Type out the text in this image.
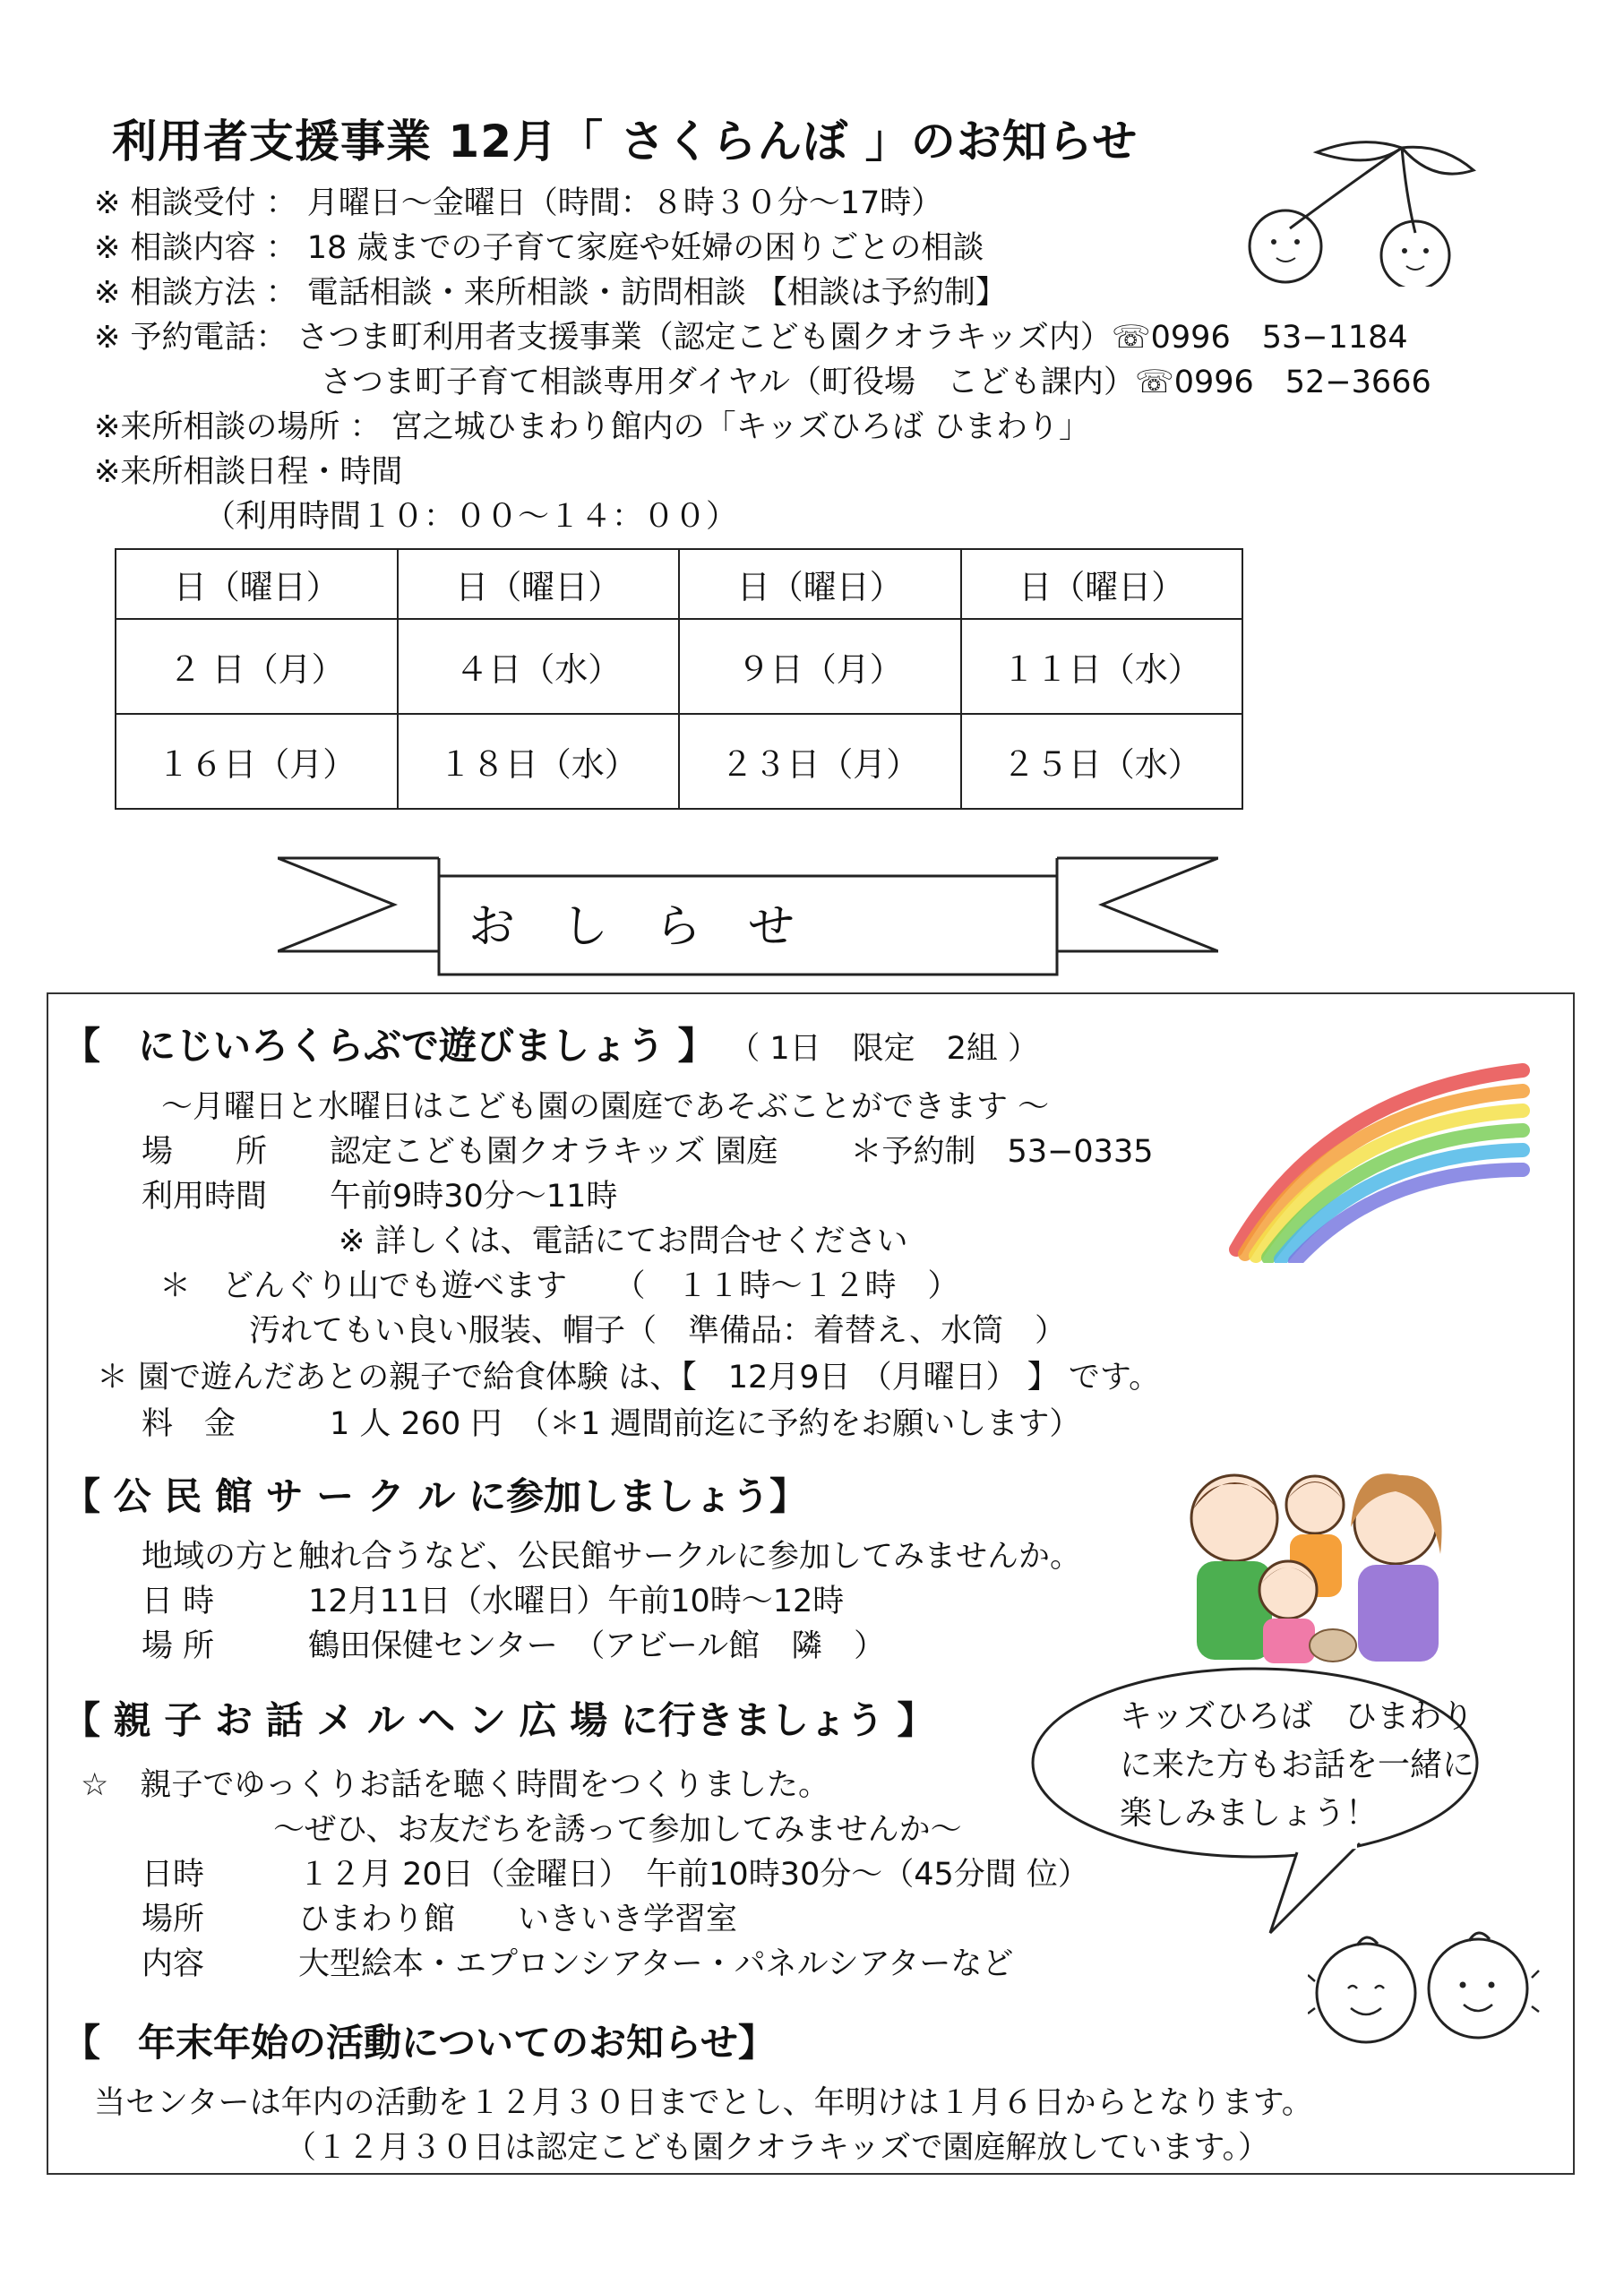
利用者支援事業 12月「 さくらんぼ 」のお知らせ
※ 相談受付 ： 月曜日～金曜日（時間：８時３０分～17時）
※ 相談内容 ： 18 歳までの子育て家庭や妊婦の困りごとの相談
※ 相談方法 ： 電話相談・来所相談・訪問相談 【相談は予約制】
※ 予約電話： さつま町利用者支援事業（認定こども園クオラキッズ内）☏0996　53−1184
さつま町子育て相談専用ダイヤル（町役場　こども課内）☏0996　52−3666
※来所相談の場所 ： 宮之城ひまわり館内の「キッズひろば ひまわり」
※来所相談日程・時間
（利用時間１０：００～１４：００）
日（曜日）	日（曜日）	日（曜日）	日（曜日）
２ 日（月）	４日（水）	９日（月）	１１日（水）
１６日（月）	１８日（水）	２３日（月）	２５日（水）
お　し　ら　せ
【　にじいろくらぶで遊びましょう 】 （ 1日　限定　2組 ）
～月曜日と水曜日はこども園の園庭であそぶことができます ～
場　　所　　認定こども園クオラキッズ 園庭　　 ＊予約制　53−0335
利用時間　　午前9時30分～11時
※ 詳しくは、電話にてお問合せください
＊　どんぐり山でも遊べます　　（　１１時～１２時　）
汚れてもい良い服装、帽子（　準備品：着替え、水筒　）
＊ 園で遊んだあとの親子で給食体験 は、【　12月9日 （月曜日） 】 です。
料　金　　　1 人 260 円　（＊1 週間前迄に予約をお願いします）
【 公 民 館 サ ー ク ル に参加しましょう】
地域の方と触れ合うなど、公民館サークルに参加してみませんか。
日 時　　　12月11日（水曜日）午前10時～12時
場 所　　　鶴田保健センター　（アビール館　隣　）
【 親 子 お 話 メ ル ヘ ン 広 場 に行きましょう 】
☆　親子でゆっくりお話を聴く時間をつくりました。
～ぜひ、お友だちを誘って参加してみませんか～
日時　　　１２月 20日（金曜日）　午前10時30分～（45分間 位）
場所　　　ひまわり館　　いきいき学習室
内容　　　大型絵本・エプロンシアター・パネルシアターなど
キッズひろば　ひまわり
に来た方もお話を一緒に
楽しみましょう！
【　年末年始の活動についてのお知らせ】
当センターは年内の活動を１２月３０日までとし、年明けは１月６日からとなります。
（１２月３０日は認定こども園クオラキッズで園庭解放しています。）
